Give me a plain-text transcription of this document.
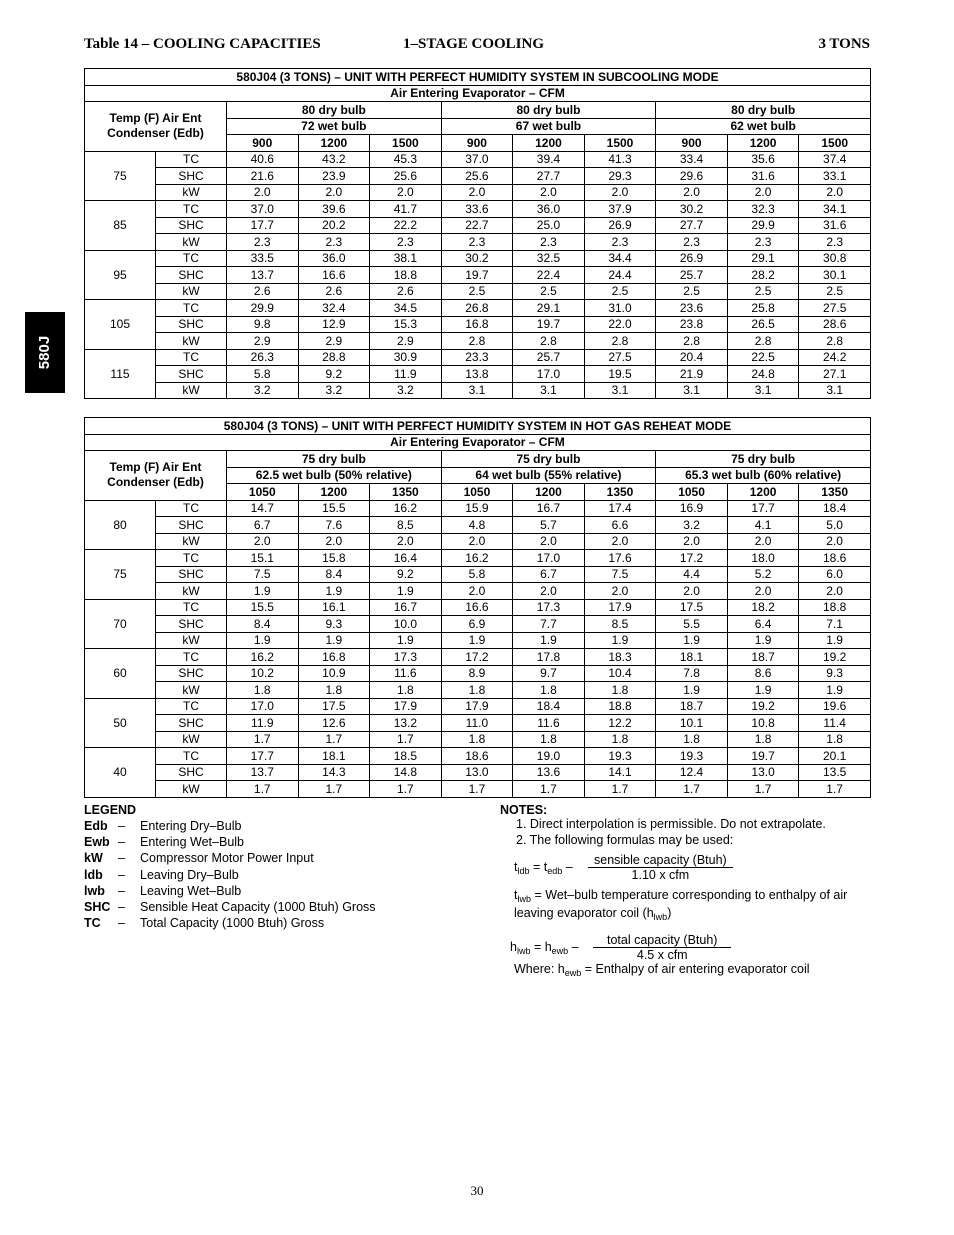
Table 14 – COOLING CAPACITIES	1–STAGE COOLING	3 TONS
580J
580J04 (3 TONS) – UNIT WITH PERFECT HUMIDITY SYSTEM IN SUBCOOLING MODE										
Air Entering Evaporator – CFM										

Temp (F) Air Ent
Condenser (Edb)		80 dry bulb			80 dry bulb			80 dry bulb		
		72 wet bulb			67 wet bulb			62 wet bulb		
		900	1200	1500	900	1200	1500	900	1200	1500
75	TC	40.6	43.2	45.3	37.0	39.4	41.3	33.4	35.6	37.4
	SHC	21.6	23.9	25.6	25.6	27.7	29.3	29.6	31.6	33.1
	kW	2.0	2.0	2.0	2.0	2.0	2.0	2.0	2.0	2.0
85	TC	37.0	39.6	41.7	33.6	36.0	37.9	30.2	32.3	34.1
	SHC	17.7	20.2	22.2	22.7	25.0	26.9	27.7	29.9	31.6
	kW	2.3	2.3	2.3	2.3	2.3	2.3	2.3	2.3	2.3
95	TC	33.5	36.0	38.1	30.2	32.5	34.4	26.9	29.1	30.8
	SHC	13.7	16.6	18.8	19.7	22.4	24.4	25.7	28.2	30.1
	kW	2.6	2.6	2.6	2.5	2.5	2.5	2.5	2.5	2.5
105	TC	29.9	32.4	34.5	26.8	29.1	31.0	23.6	25.8	27.5
	SHC	9.8	12.9	15.3	16.8	19.7	22.0	23.8	26.5	28.6
	kW	2.9	2.9	2.9	2.8	2.8	2.8	2.8	2.8	2.8
115	TC	26.3	28.8	30.9	23.3	25.7	27.5	20.4	22.5	24.2
	SHC	5.8	9.2	11.9	13.8	17.0	19.5	21.9	24.8	27.1
	kW	3.2	3.2	3.2	3.1	3.1	3.1	3.1	3.1	3.1
580J04 (3 TONS) – UNIT WITH PERFECT HUMIDITY SYSTEM IN HOT GAS REHEAT MODE										
Air Entering Evaporator – CFM										

Temp (F) Air Ent
Condenser (Edb)		75 dry bulb			75 dry bulb			75 dry bulb		
		62.5 wet bulb (50% relative)			64 wet bulb (55% relative)			65.3 wet bulb (60% relative)		
		1050	1200	1350	1050	1200	1350	1050	1200	1350
80	TC	14.7	15.5	16.2	15.9	16.7	17.4	16.9	17.7	18.4
	SHC	6.7	7.6	8.5	4.8	5.7	6.6	3.2	4.1	5.0
	kW	2.0	2.0	2.0	2.0	2.0	2.0	2.0	2.0	2.0
75	TC	15.1	15.8	16.4	16.2	17.0	17.6	17.2	18.0	18.6
	SHC	7.5	8.4	9.2	5.8	6.7	7.5	4.4	5.2	6.0
	kW	1.9	1.9	1.9	2.0	2.0	2.0	2.0	2.0	2.0
70	TC	15.5	16.1	16.7	16.6	17.3	17.9	17.5	18.2	18.8
	SHC	8.4	9.3	10.0	6.9	7.7	8.5	5.5	6.4	7.1
	kW	1.9	1.9	1.9	1.9	1.9	1.9	1.9	1.9	1.9
60	TC	16.2	16.8	17.3	17.2	17.8	18.3	18.1	18.7	19.2
	SHC	10.2	10.9	11.6	8.9	9.7	10.4	7.8	8.6	9.3
	kW	1.8	1.8	1.8	1.8	1.8	1.8	1.9	1.9	1.9
50	TC	17.0	17.5	17.9	17.9	18.4	18.8	18.7	19.2	19.6
	SHC	11.9	12.6	13.2	11.0	11.6	12.2	10.1	10.8	11.4
	kW	1.7	1.7	1.7	1.8	1.8	1.8	1.8	1.8	1.8
40	TC	17.7	18.1	18.5	18.6	19.0	19.3	19.3	19.7	20.1
	SHC	13.7	14.3	14.8	13.0	13.6	14.1	12.4	13.0	13.5
	kW	1.7	1.7	1.7	1.7	1.7	1.7	1.7	1.7	1.7
LEGEND
Edb – Entering Dry–Bulb
Ewb – Entering Wet–Bulb
kW – Compressor Motor Power Input
ldb – Leaving Dry–Bulb
lwb – Leaving Wet–Bulb
SHC – Sensible Heat Capacity (1000 Btuh) Gross
TC – Total Capacity (1000 Btuh) Gross
NOTES:
1. Direct interpolation is permissible. Do not extrapolate.
2. The following formulas may be used:
$t_{ldb} = t_{edb}$ –	sensible capacity (Btuh)
1.10 x cfm
$t_{lwb}$ = Wet–bulb temperature corresponding to enthalpy of air leaving evaporator coil $(h_{lwb})$
$h_{lwb} = h_{ewb}$ –	total capacity (Btuh)
4.5 x cfm
Where: $h_{ewb}$ = Enthalpy of air entering evaporator coil
30
